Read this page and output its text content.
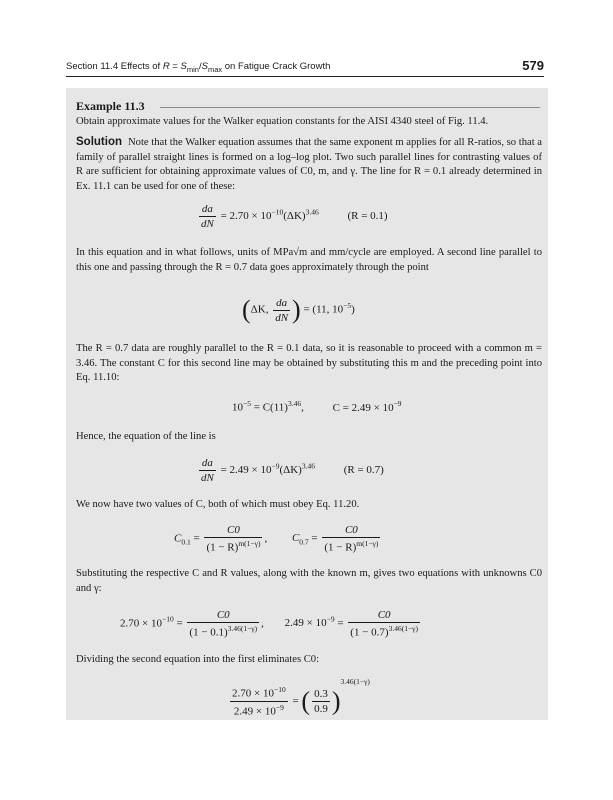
Section 11.4 Effects of $R = S_{min}/S_{max}$ on Fatigue Crack Growth	579
Example 11.3

Obtain approximate values for the Walker equation constants for the AISI 4340 steel of Fig. 11.4.

Solution Note that the Walker equation assumes that the same exponent m applies for all R-ratios, so that a family of parallel straight lines is formed on a log–log plot. Two such parallel lines for contrasting values of R are sufficient for obtaining approximate values of C0, m, and γ. The line for R = 0.1 already determined in Ex. 11.1 can be used for one of these:

$\frac{da}{dN} = 2.70 \times 10^{-10}(\Delta K)^{3.46}$	(R = 0.1)

In this equation and in what follows, units of MPa√m and mm/cycle are employed. A second line parallel to this one and passing through the R = 0.7 data goes approximately through the point

(ΔK, $\frac{da}{dN}$ ) = (11, $10^{-5}$)

The R = 0.7 data are roughly parallel to the R = 0.1 data, so it is reasonable to proceed with a common m = 3.46. The constant C for this second line may be obtained by substituting this m and the preceding point into Eq. 11.10:

$10^{-5} = C(11)^{3.46}$,	$C = 2.49 \times 10^{-9}$

Hence, the equation of the line is

$\frac{da}{dN} = 2.49 \times 10^{-9}(\Delta K)^{3.46}$	(R = 0.7)

We now have two values of C, both of which must obey Eq. 11.20.

$C_{0.1} = \frac{C0}{(1 - R)^{m(1-\gamma)}}$ , $C_{0.7} = \frac{C0}{(1 - R)^{m(1-\gamma)}}$

Substituting the respective C and R values, along with the known m, gives two equations with unknowns C0 and γ:

$2.70 \times 10^{-10} = \frac{C0}{(1 - 0.1)^{3.46(1-\gamma)}}$ , $2.49 \times 10^{-9} = \frac{C0}{(1 - 0.7)^{3.46(1-\gamma)}}$

Dividing the second equation into the first eliminates C0:

$\frac{2.70 \times 10^{-10}}{2.49 \times 10^{-9}}$ = ( $\frac{0.3}{0.9} )^{3.46(1-\gamma)}$
